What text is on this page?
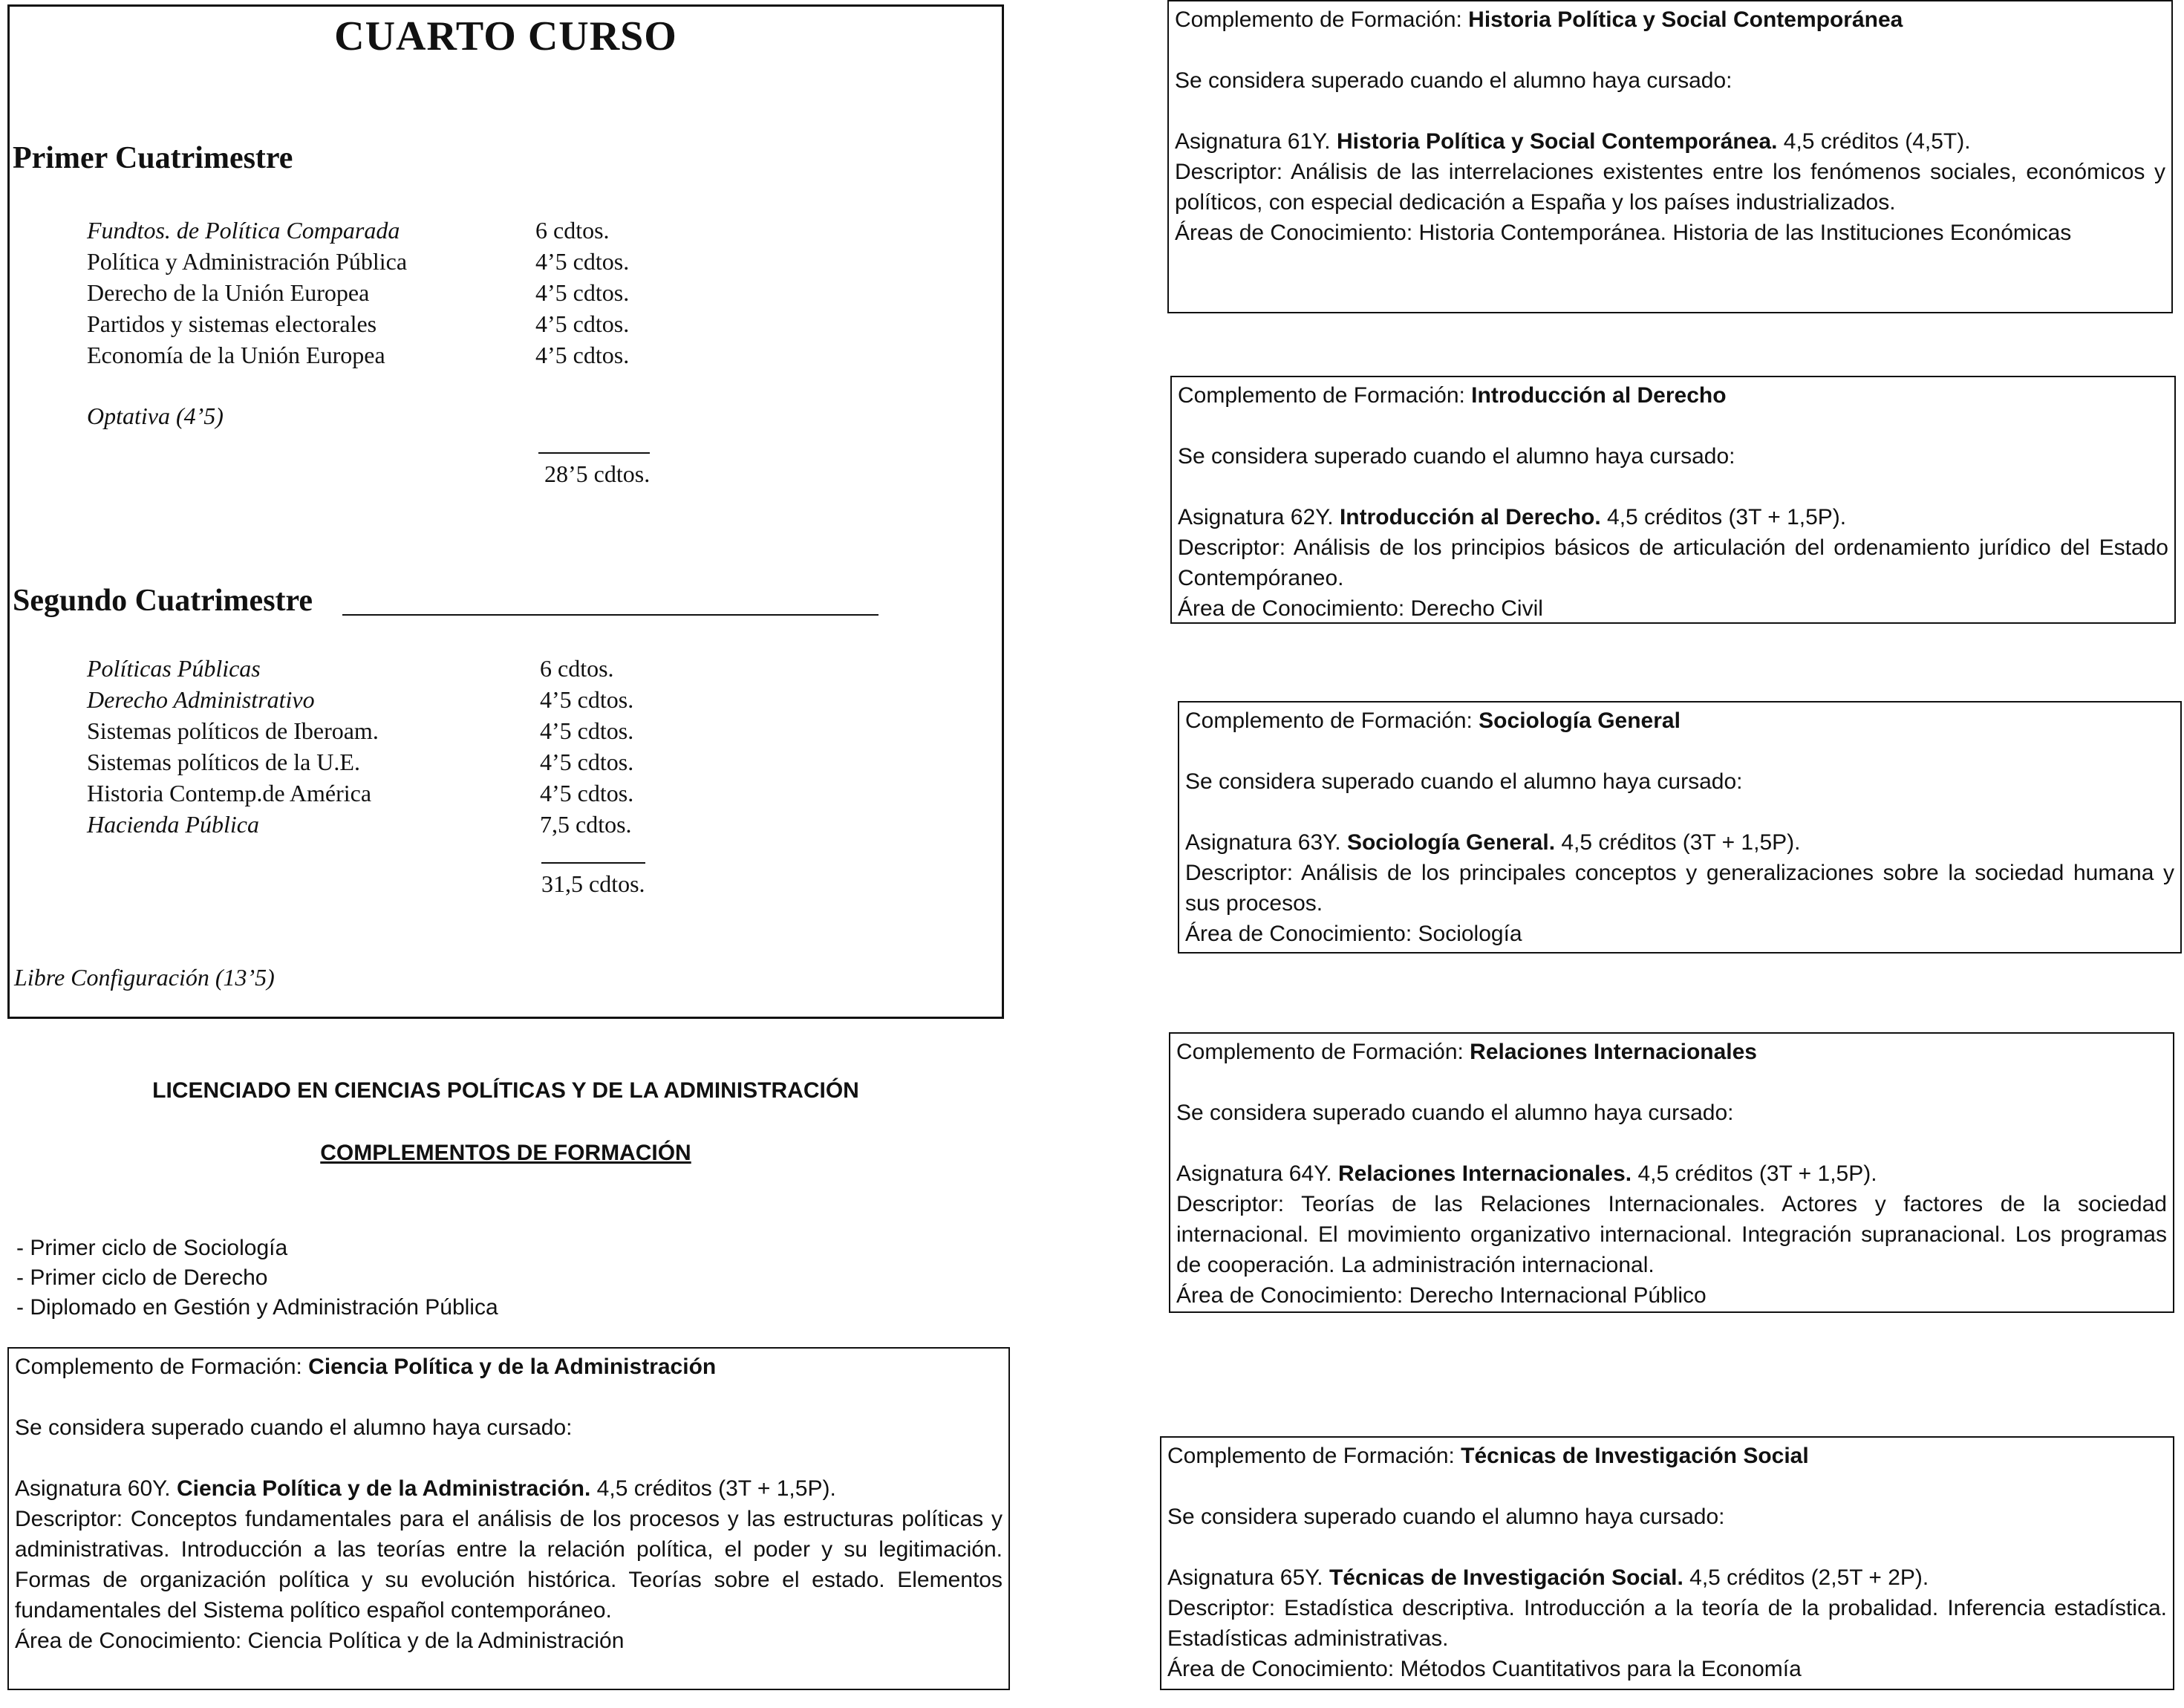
CUARTO CURSO
Primer Cuatrimestre
Fundtos. de Política Comparada	6 cdtos.
Política y Administración Pública	4’5 cdtos.
Derecho de la Unión Europea	4’5 cdtos.
Partidos y sistemas electorales	4’5 cdtos.
Economía de la Unión Europea	4’5 cdtos.
Optativa (4’5)
28’5 cdtos.
Segundo Cuatrimestre
Políticas Públicas	6 cdtos.
Derecho Administrativo	4’5 cdtos.
Sistemas políticos de Iberoam.	4’5 cdtos.
Sistemas políticos de la U.E.	4’5 cdtos.
Historia Contemp.de América	4’5 cdtos.
Hacienda Pública	7,5 cdtos.
31,5 cdtos.
Libre Configuración (13’5)
LICENCIADO EN CIENCIAS POLÍTICAS Y DE LA ADMINISTRACIÓN
COMPLEMENTOS DE FORMACIÓN
- Primer ciclo de Sociología
- Primer ciclo de Derecho
- Diplomado en Gestión y Administración Pública

Complemento de Formación: Ciencia Política y de la Administración

Se considera superado cuando el alumno haya cursado:

Asignatura 60Y. Ciencia Política y de la Administración. 4,5 créditos (3T + 1,5P).

Descriptor: Conceptos fundamentales para el análisis de los procesos y las estructuras políticas y administrativas. Introducción a las teorías entre la relación política, el poder y su legitimación. Formas de organización política y su evolución histórica. Teorías sobre el estado. Elementos fundamentales del Sistema político español contemporáneo.

Área de Conocimiento: Ciencia Política y de la Administración

Complemento de Formación: Historia Política y Social Contemporánea

Se considera superado cuando el alumno haya cursado:

Asignatura 61Y. Historia Política y Social Contemporánea. 4,5 créditos (4,5T).

Descriptor: Análisis de las interrelaciones existentes entre los fenómenos sociales, económicos y políticos, con especial dedicación a España y los países industrializados.

Áreas de Conocimiento: Historia Contemporánea. Historia de las Instituciones Económicas

Complemento de Formación: Introducción al Derecho

Se considera superado cuando el alumno haya cursado:

Asignatura 62Y. Introducción al Derecho. 4,5 créditos (3T + 1,5P).

Descriptor: Análisis de los principios básicos de articulación del ordenamiento jurídico del Estado Contempóraneo.

Área de Conocimiento: Derecho Civil

Complemento de Formación: Sociología General

Se considera superado cuando el alumno haya cursado:

Asignatura 63Y. Sociología General. 4,5 créditos (3T + 1,5P).

Descriptor: Análisis de los principales conceptos y generalizaciones sobre la sociedad humana y sus procesos.

Área de Conocimiento: Sociología

Complemento de Formación: Relaciones Internacionales

Se considera superado cuando el alumno haya cursado:

Asignatura 64Y. Relaciones Internacionales. 4,5 créditos (3T + 1,5P).

Descriptor: Teorías de las Relaciones Internacionales. Actores y factores de la sociedad internacional. El movimiento organizativo internacional. Integración supranacional. Los programas de cooperación. La administración internacional.

Área de Conocimiento: Derecho Internacional Público

Complemento de Formación: Técnicas de Investigación Social

Se considera superado cuando el alumno haya cursado:

Asignatura 65Y. Técnicas de Investigación Social. 4,5 créditos (2,5T + 2P).

Descriptor: Estadística descriptiva. Introducción a la teoría de la probalidad. Inferencia estadística. Estadísticas administrativas.

Área de Conocimiento: Métodos Cuantitativos para la Economía
